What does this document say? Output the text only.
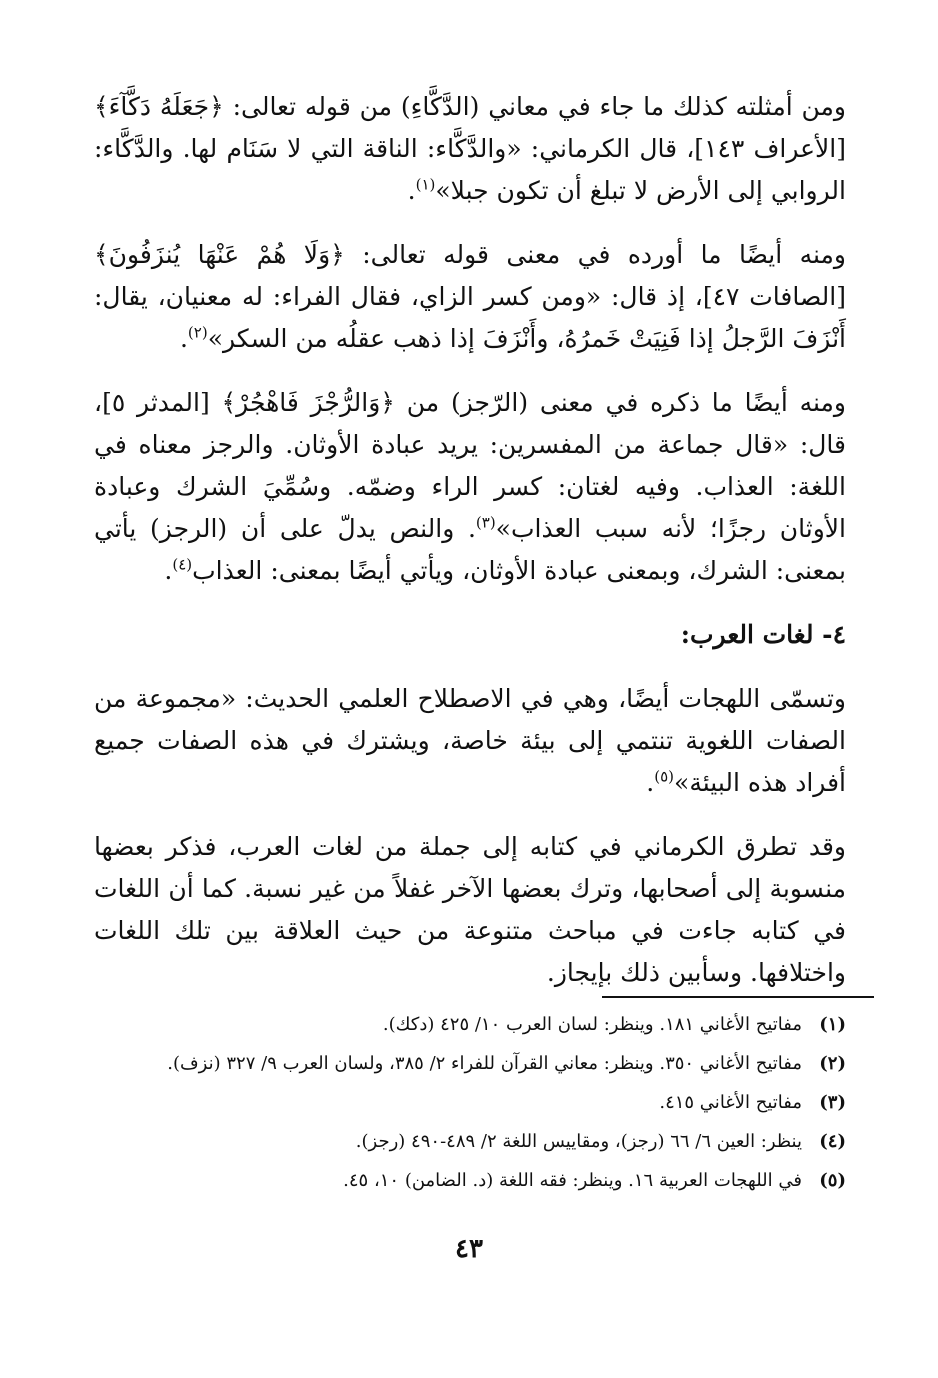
ومن أمثلته كذلك ما جاء في معاني (الدَّكَّاءِ) من قوله تعالى: ﴿جَعَلَهُ دَكَّآءَ﴾ [الأعراف ١٤٣]، قال الكرماني: «والدَّكَّاء: الناقة التي لا سَنَام لها. والدَّكَّاء: الروابي إلى الأرض لا تبلغ أن تكون جبلا»$^{(١)}$.

ومنه أيضًا ما أورده في معنى قوله تعالى: ﴿وَلَا هُمْ عَنْهَا يُنزَفُونَ﴾ [الصافات ٤٧]، إذ قال: «ومن كسر الزاي، فقال الفراء: له معنيان، يقال: أَنْزَفَ الرَّجلُ إذا فَنِيَتْ خَمرُهُ، وأَنْزَفَ إذا ذهب عقلُه من السكر»$^{(٢)}$.

ومنه أيضًا ما ذكره في معنى (الرّجز) من ﴿وَالرُّجْزَ فَاهْجُرْ﴾ [المدثر ٥]، قال: «قال جماعة من المفسرين: يريد عبادة الأوثان. والرجز معناه في اللغة: العذاب. وفيه لغتان: كسر الراء وضمّه. وسُمِّيَ الشرك وعبادة الأوثان رجزًا؛ لأنه سبب العذاب»$^{(٣)}$. والنص يدلّ على أن (الرجز) يأتي بمعنى: الشرك، وبمعنى عبادة الأوثان، ويأتي أيضًا بمعنى: العذاب$^{(٤)}$.

٤- لغات العرب:

وتسمّى اللهجات أيضًا، وهي في الاصطلاح العلمي الحديث: «مجموعة من الصفات اللغوية تنتمي إلى بيئة خاصة، ويشترك في هذه الصفات جميع أفراد هذه البيئة»$^{(٥)}$.

وقد تطرق الكرماني في كتابه إلى جملة من لغات العرب، فذكر بعضها منسوبة إلى أصحابها، وترك بعضها الآخر غفلاً من غير نسبة. كما أن اللغات في كتابه جاءت في مباحث متنوعة من حيث العلاقة بين تلك اللغات واختلافها. وسأبين ذلك بإيجاز.

(١)
مفاتيح الأغاني ١٨١. وينظر: لسان العرب ١٠/ ٤٢٥ (دكك).
(٢)
مفاتيح الأغاني ٣٥٠. وينظر: معاني القرآن للفراء ٢/ ٣٨٥، ولسان العرب ٩/ ٣٢٧ (نزف).
(٣)
مفاتيح الأغاني ٤١٥.
(٤)
ينظر: العين ٦/ ٦٦ (رجز)، ومقاييس اللغة ٢/ ٤٨٩-٤٩٠ (رجز).
(٥)
في اللهجات العربية ١٦. وينظر: فقه اللغة (د. الضامن) ١٠، ٤٥.
٤٣
